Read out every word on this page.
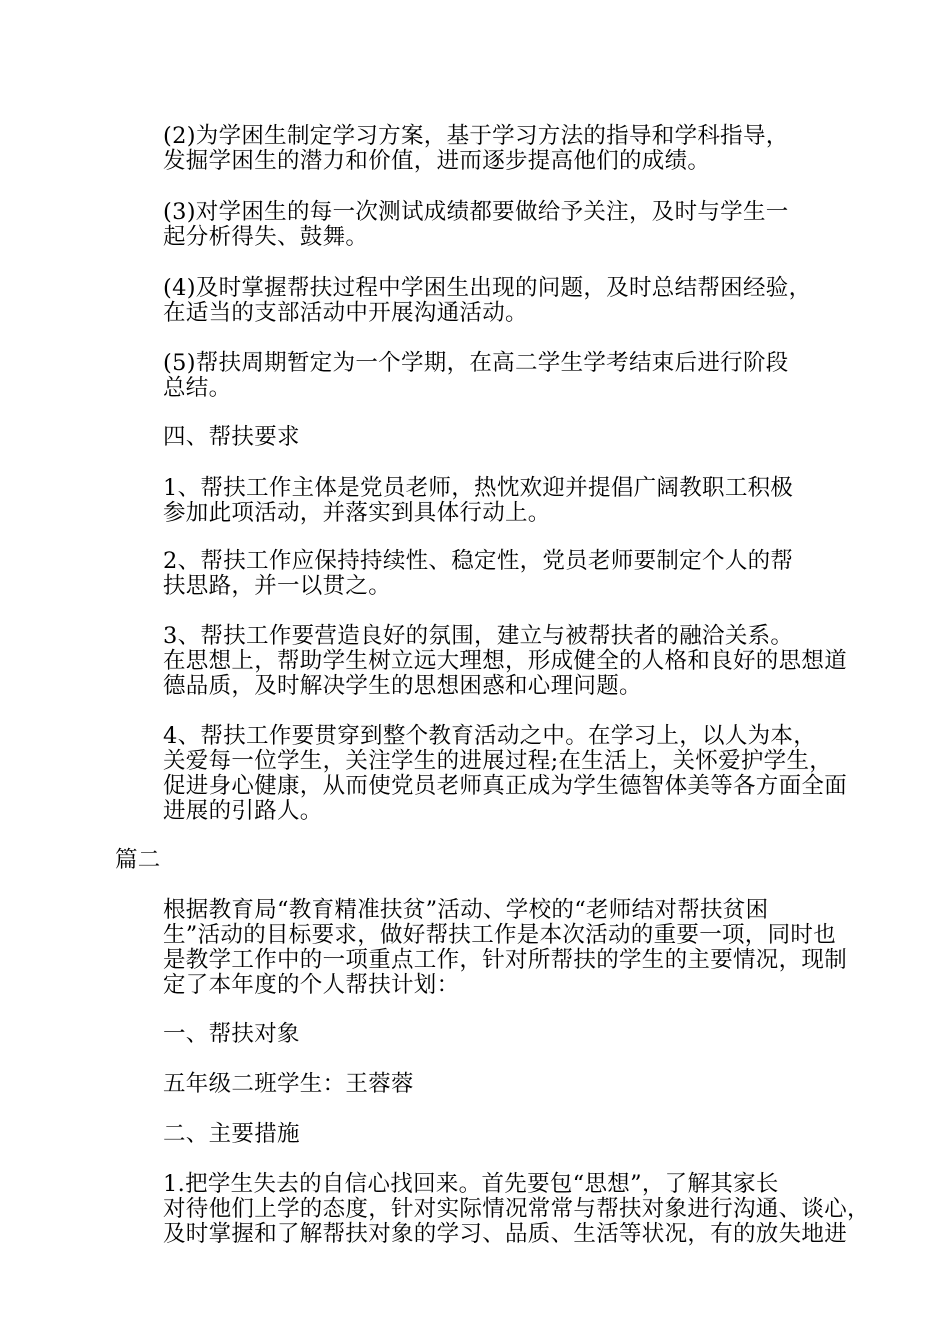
(2)为学困生制定学习方案，基于学习方法的指导和学科指导，
发掘学困生的潜力和价值，进而逐步提高他们的成绩。

(3)对学困生的每一次测试成绩都要做给予关注，及时与学生一
起分析得失、鼓舞。

(4)及时掌握帮扶过程中学困生出现的问题，及时总结帮困经验，
在适当的支部活动中开展沟通活动。

(5)帮扶周期暂定为一个学期，在高二学生学考结束后进行阶段
总结。

四、帮扶要求

1、帮扶工作主体是党员老师，热忱欢迎并提倡广阔教职工积极
参加此项活动，并落实到具体行动上。

2、帮扶工作应保持持续性、稳定性，党员老师要制定个人的帮
扶思路，并一以贯之。

3、帮扶工作要营造良好的氛围，建立与被帮扶者的融洽关系。
在思想上，帮助学生树立远大理想，形成健全的人格和良好的思想道
德品质，及时解决学生的思想困惑和心理问题。

4、帮扶工作要贯穿到整个教育活动之中。在学习上，以人为本，
关爱每一位学生，关注学生的进展过程;在生活上，关怀爱护学生，
促进身心健康，从而使党员老师真正成为学生德智体美等各方面全面
进展的引路人。

篇二

根据教育局“教育精准扶贫”活动、学校的“老师结对帮扶贫困
生”活动的目标要求，做好帮扶工作是本次活动的重要一项，同时也
是教学工作中的一项重点工作，针对所帮扶的学生的主要情况，现制
定了本年度的个人帮扶计划：

一、帮扶对象

五年级二班学生：王蓉蓉

二、主要措施

1.把学生失去的自信心找回来。首先要包“思想”，了解其家长
对待他们上学的态度，针对实际情况常常与帮扶对象进行沟通、谈心，
及时掌握和了解帮扶对象的学习、品质、生活等状况，有的放失地进
